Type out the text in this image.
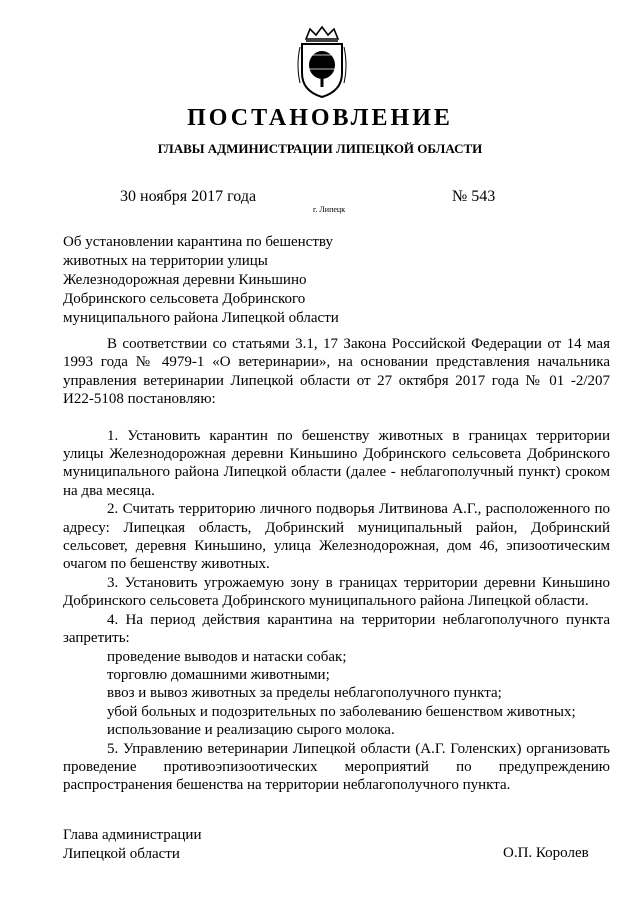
ПОСТАНОВЛЕНИЕ
ГЛАВЫ АДМИНИСТРАЦИИ ЛИПЕЦКОЙ ОБЛАСТИ
30 ноября 2017 года
г. Липецк
№ 543
Об установлении карантина по бешенству животных на территории улицы Железнодорожная деревни Киньшино Добринского сельсовета Добринского муниципального района Липецкой области

В соответствии со статьями 3.1, 17 Закона Российской Федерации от 14 мая 1993 года № 4979-1 «О ветеринарии», на основании представления начальника управления ветеринарии Липецкой области от 27 октября 2017 года № 01 -2/207 И22-5108 постановляю:

1. Установить карантин по бешенству животных в границах территории улицы Железнодорожная деревни Киньшино Добринского сельсовета Добринского муниципального района Липецкой области (далее - неблагополучный пункт) сроком на два месяца.

2. Считать территорию личного подворья Литвинова А.Г., расположенного по адресу: Липецкая область, Добринский муниципальный район, Добринский сельсовет, деревня Киньшино, улица Железнодорожная, дом 46, эпизоотическим очагом по бешенству животных.

3. Установить угрожаемую зону в границах территории деревни Киньшино Добринского сельсовета Добринского муниципального района Липецкой области.

4. На период действия карантина на территории неблагополучного пункта запретить:

проведение выводов и натаски собак;

торговлю домашними животными;

ввоз и вывоз животных за пределы неблагополучного пункта;

убой больных и подозрительных по заболеванию бешенством животных;

использование и реализацию сырого молока.

5. Управлению ветеринарии Липецкой области (А.Г. Голенских) организовать проведение противоэпизоотических мероприятий по предупреждению распространения бешенства на территории неблагополучного пункта.

Глава администрации
Липецкой области	О.П. Королев
